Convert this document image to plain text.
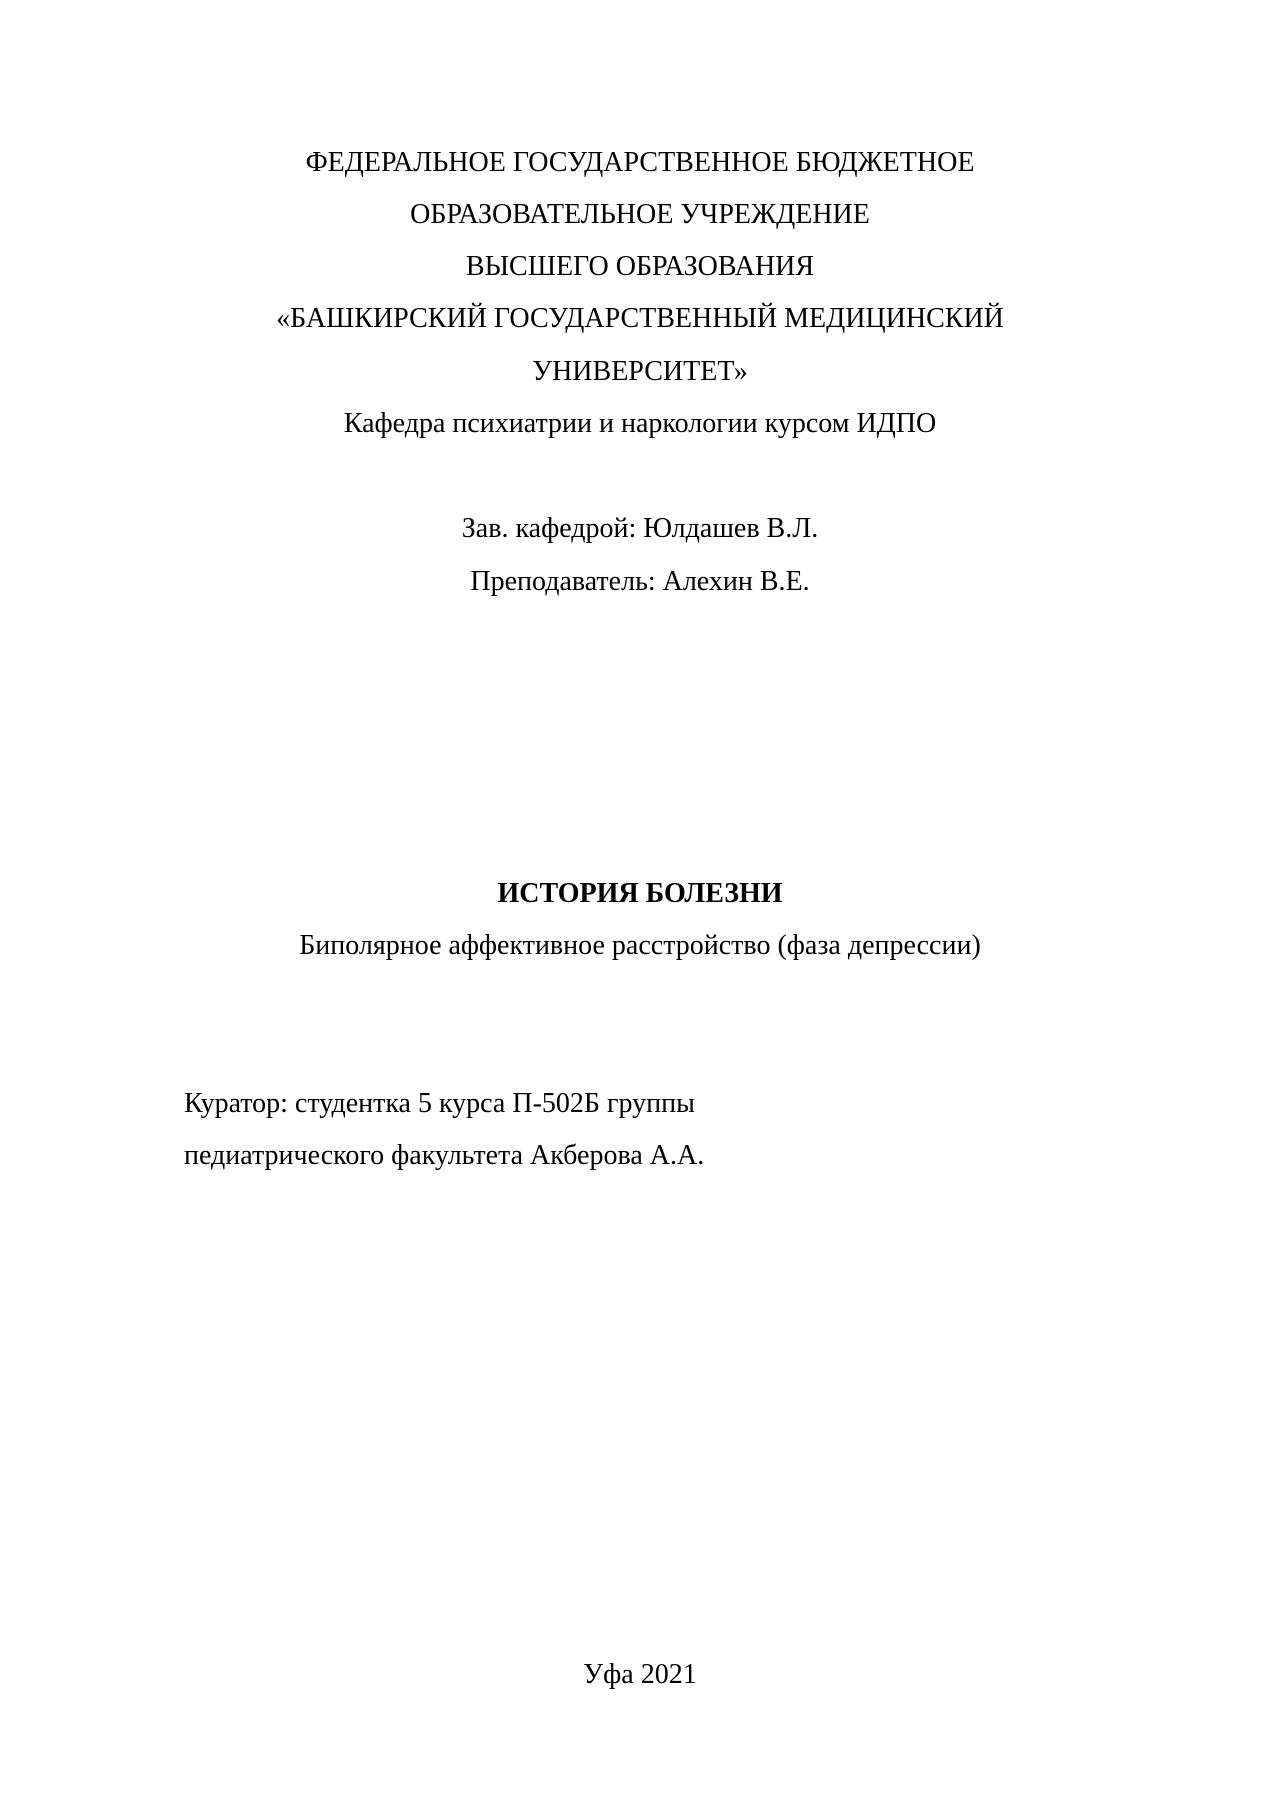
ФЕДЕРАЛЬНОЕ ГОСУДАРСТВЕННОЕ БЮДЖЕТНОЕ
ОБРАЗОВАТЕЛЬНОЕ УЧРЕЖДЕНИЕ
ВЫСШЕГО ОБРАЗОВАНИЯ
«БАШКИРСКИЙ ГОСУДАРСТВЕННЫЙ МЕДИЦИНСКИЙ
УНИВЕРСИТЕТ»
Кафедра психиатрии и наркологии курсом ИДПО
Зав. кафедрой: Юлдашев В.Л.
Преподаватель: Алехин В.Е.
ИСТОРИЯ БОЛЕЗНИ
Биполярное аффективное расстройство (фаза депрессии)
Куратор: студентка 5 курса П-502Б группы
педиатрического факультета Акберова А.А.
Уфа 2021
